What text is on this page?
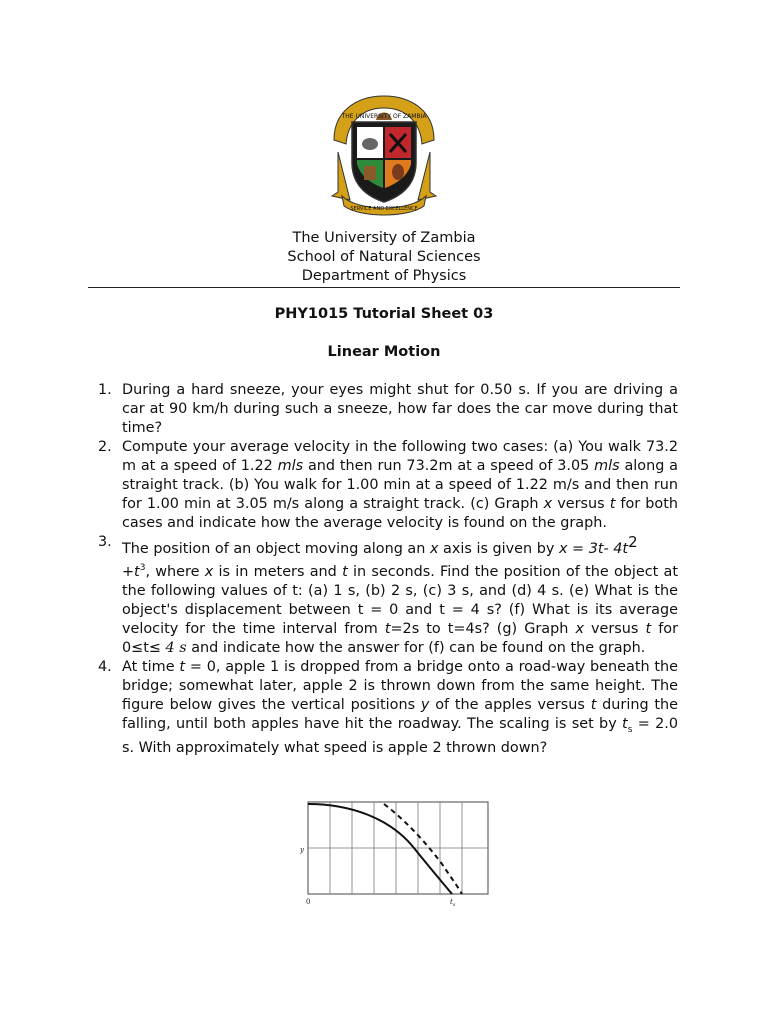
THE UNIVERSITY OF ZAMBIA
SERVICE AND EXCELLENCE
The University of Zambia
School of Natural Sciences
Department of Physics
PHY1015 Tutorial Sheet 03
Linear Motion
1. During a hard sneeze, your eyes might shut for 0.50 s. If you are driving a car at 90 km/h during such a sneeze, how far does the car move during that time?
2. Compute your average velocity in the following two cases: (a) You walk 73.2 m at a speed of 1.22 mls and then run 73.2m at a speed of 3.05 mls along a straight track. (b) You walk for 1.00 min at a speed of 1.22 m/s and then run for 1.00 min at 3.05 m/s along a straight track. (c) Graph x versus t for both cases and indicate how the average velocity is found on the graph.
3. The position of an object moving along an x axis is given by x = 3t- $4t^2$
$+t^3$, where x is in meters and t in seconds. Find the position of the object at the following values of t: (a) 1 s, (b) 2 s, (c) 3 s, and (d) 4 s. (e) What is the object's displacement between t = 0 and t = 4 s? (f) What is its average velocity for the time interval from t=2s to t=4s? (g) Graph x versus t for 0≤t≤ 4 s and indicate how the answer for (f) can be found on the graph.
4. At time t = 0, apple 1 is dropped from a bridge onto a road-way beneath the bridge; somewhat later, apple 2 is thrown down from the same height. The figure below gives the vertical positions y of the apples versus t during the falling, until both apples have hit the roadway. The scaling is set by $t_s = 2.0$ s. With approximately what speed is apple 2 thrown down?
y
0	$t_s$
